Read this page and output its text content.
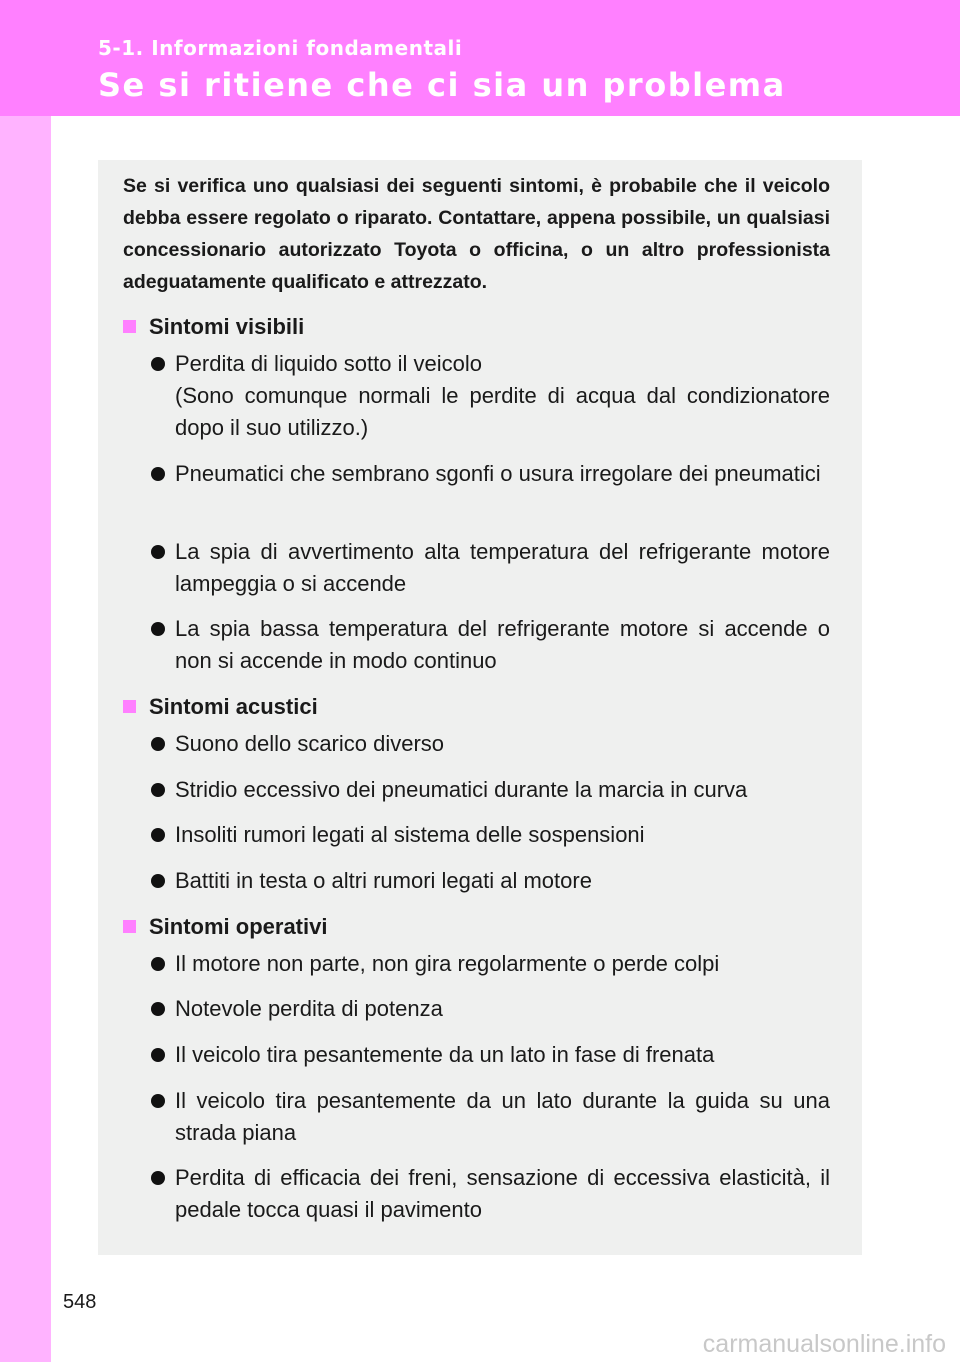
5-1. Informazioni fondamentali
Se si ritiene che ci sia un problema
Se si verifica uno qualsiasi dei seguenti sintomi, è probabile che il veicolo debba essere regolato o riparato. Contattare, appena possibile, un qualsiasi concessionario autorizzato Toyota o officina, o un altro professionista adeguatamente qualificato e attrezzato.
Sintomi visibili
Perdita di liquido sotto il veicolo
(Sono comunque normali le perdite di acqua dal condizionatore dopo il suo utilizzo.)
Pneumatici che sembrano sgonfi o usura irregolare dei pneumatici
La spia di avvertimento alta temperatura del refrigerante motore lampeggia o si accende
La spia bassa temperatura del refrigerante motore si accende o non si accende in modo continuo
Sintomi acustici
Suono dello scarico diverso
Stridio eccessivo dei pneumatici durante la marcia in curva
Insoliti rumori legati al sistema delle sospensioni
Battiti in testa o altri rumori legati al motore
Sintomi operativi
Il motore non parte, non gira regolarmente o perde colpi
Notevole perdita di potenza
Il veicolo tira pesantemente da un lato in fase di frenata
Il veicolo tira pesantemente da un lato durante la guida su una strada piana
Perdita di efficacia dei freni, sensazione di eccessiva elasticità, il pedale tocca quasi il pavimento
548
carmanualsonline.info
